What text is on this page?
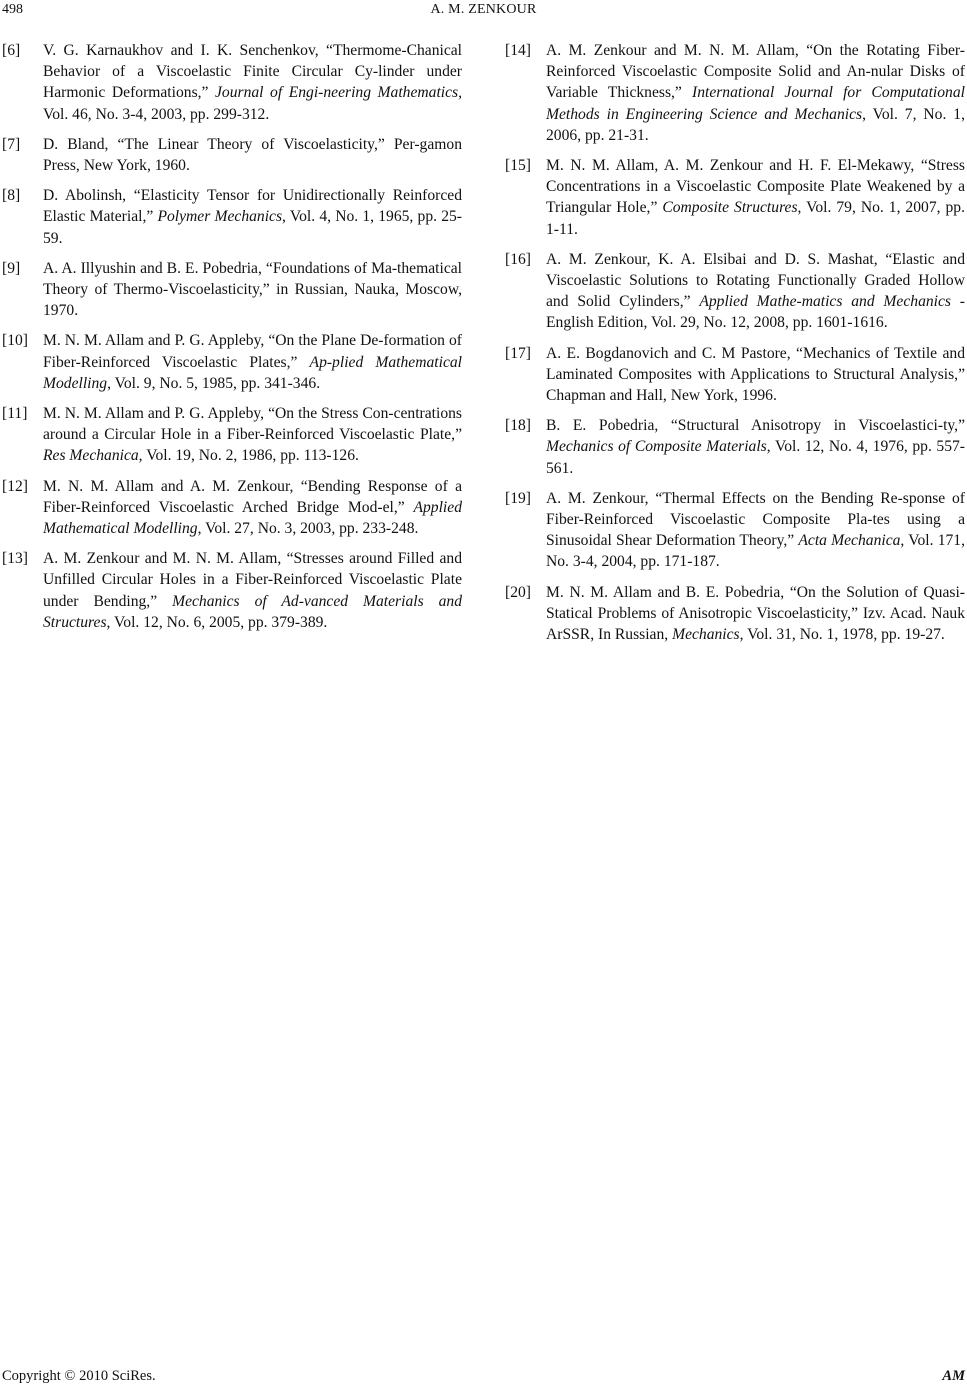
498	A. M. ZENKOUR
[6] V. G. Karnaukhov and I. K. Senchenkov, “Thermome-Chanical Behavior of a Viscoelastic Finite Circular Cy-linder under Harmonic Deformations,” Journal of Engi-neering Mathematics, Vol. 46, No. 3-4, 2003, pp. 299-312.
[7] D. Bland, “The Linear Theory of Viscoelasticity,” Per-gamon Press, New York, 1960.
[8] D. Abolinsh, “Elasticity Tensor for Unidirectionally Reinforced Elastic Material,” Polymer Mechanics, Vol. 4, No. 1, 1965, pp. 25-59.
[9] A. A. Illyushin and B. E. Pobedria, “Foundations of Ma-thematical Theory of Thermo-Viscoelasticity,” in Russian, Nauka, Moscow, 1970.
[10] M. N. M. Allam and P. G. Appleby, “On the Plane De-formation of Fiber-Reinforced Viscoelastic Plates,” Ap-plied Mathematical Modelling, Vol. 9, No. 5, 1985, pp. 341-346.
[11] M. N. M. Allam and P. G. Appleby, “On the Stress Con-centrations around a Circular Hole in a Fiber-Reinforced Viscoelastic Plate,” Res Mechanica, Vol. 19, No. 2, 1986, pp. 113-126.
[12] M. N. M. Allam and A. M. Zenkour, “Bending Response of a Fiber-Reinforced Viscoelastic Arched Bridge Mod-el,” Applied Mathematical Modelling, Vol. 27, No. 3, 2003, pp. 233-248.
[13] A. M. Zenkour and M. N. M. Allam, “Stresses around Filled and Unfilled Circular Holes in a Fiber-Reinforced Viscoelastic Plate under Bending,” Mechanics of Ad-vanced Materials and Structures, Vol. 12, No. 6, 2005, pp. 379-389.
[14] A. M. Zenkour and M. N. M. Allam, “On the Rotating Fiber-Reinforced Viscoelastic Composite Solid and An-nular Disks of Variable Thickness,” International Journal for Computational Methods in Engineering Science and Mechanics, Vol. 7, No. 1, 2006, pp. 21-31.
[15] M. N. M. Allam, A. M. Zenkour and H. F. El-Mekawy, “Stress Concentrations in a Viscoelastic Composite Plate Weakened by a Triangular Hole,” Composite Structures, Vol. 79, No. 1, 2007, pp. 1-11.
[16] A. M. Zenkour, K. A. Elsibai and D. S. Mashat, “Elastic and Viscoelastic Solutions to Rotating Functionally Graded Hollow and Solid Cylinders,” Applied Mathe-matics and Mechanics - English Edition, Vol. 29, No. 12, 2008, pp. 1601-1616.
[17] A. E. Bogdanovich and C. M Pastore, “Mechanics of Textile and Laminated Composites with Applications to Structural Analysis,” Chapman and Hall, New York, 1996.
[18] B. E. Pobedria, “Structural Anisotropy in Viscoelastici-ty,” Mechanics of Composite Materials, Vol. 12, No. 4, 1976, pp. 557-561.
[19] A. M. Zenkour, “Thermal Effects on the Bending Re-sponse of Fiber-Reinforced Viscoelastic Composite Pla-tes using a Sinusoidal Shear Deformation Theory,” Acta Mechanica, Vol. 171, No. 3-4, 2004, pp. 171-187.
[20] M. N. M. Allam and B. E. Pobedria, “On the Solution of Quasi-Statical Problems of Anisotropic Viscoelasticity,” Izv. Acad. Nauk ArSSR, In Russian, Mechanics, Vol. 31, No. 1, 1978, pp. 19-27.
Copyright © 2010 SciRes.	AM
